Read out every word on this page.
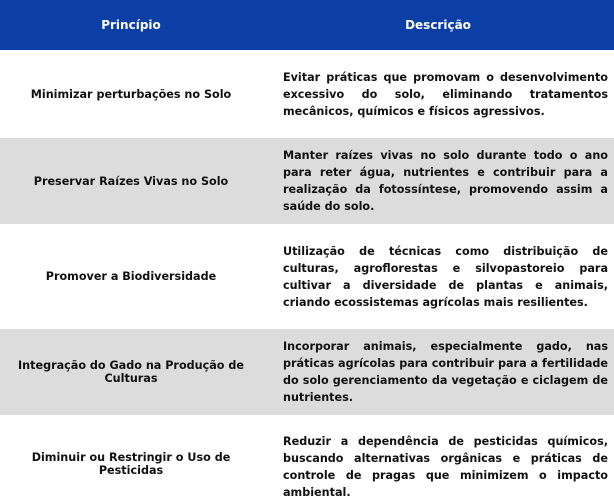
Princípio	Descrição
Minimizar perturbações no Solo
Evitar práticas que promovam o desenvolvimento excessivo do solo, eliminando tratamentos mecânicos, químicos e físicos agressivos.
Preservar Raízes Vivas no Solo
Manter raízes vivas no solo durante todo o ano para reter água, nutrientes e contribuir para a realização da fotossíntese, promovendo assim a saúde do solo.
Promover a Biodiversidade
Utilização de técnicas como distribuição de culturas, agroflorestas e silvopastoreio para cultivar a diversidade de plantas e animais, criando ecossistemas agrícolas mais resilientes.
Integração do Gado na Produção de Culturas
Incorporar animais, especialmente gado, nas práticas agrícolas para contribuir para a fertilidade do solo gerenciamento da vegetação e ciclagem de nutrientes.
Diminuir ou Restringir o Uso de Pesticidas
Reduzir a dependência de pesticidas químicos, buscando alternativas orgânicas e práticas de controle de pragas que minimizem o impacto ambiental.
